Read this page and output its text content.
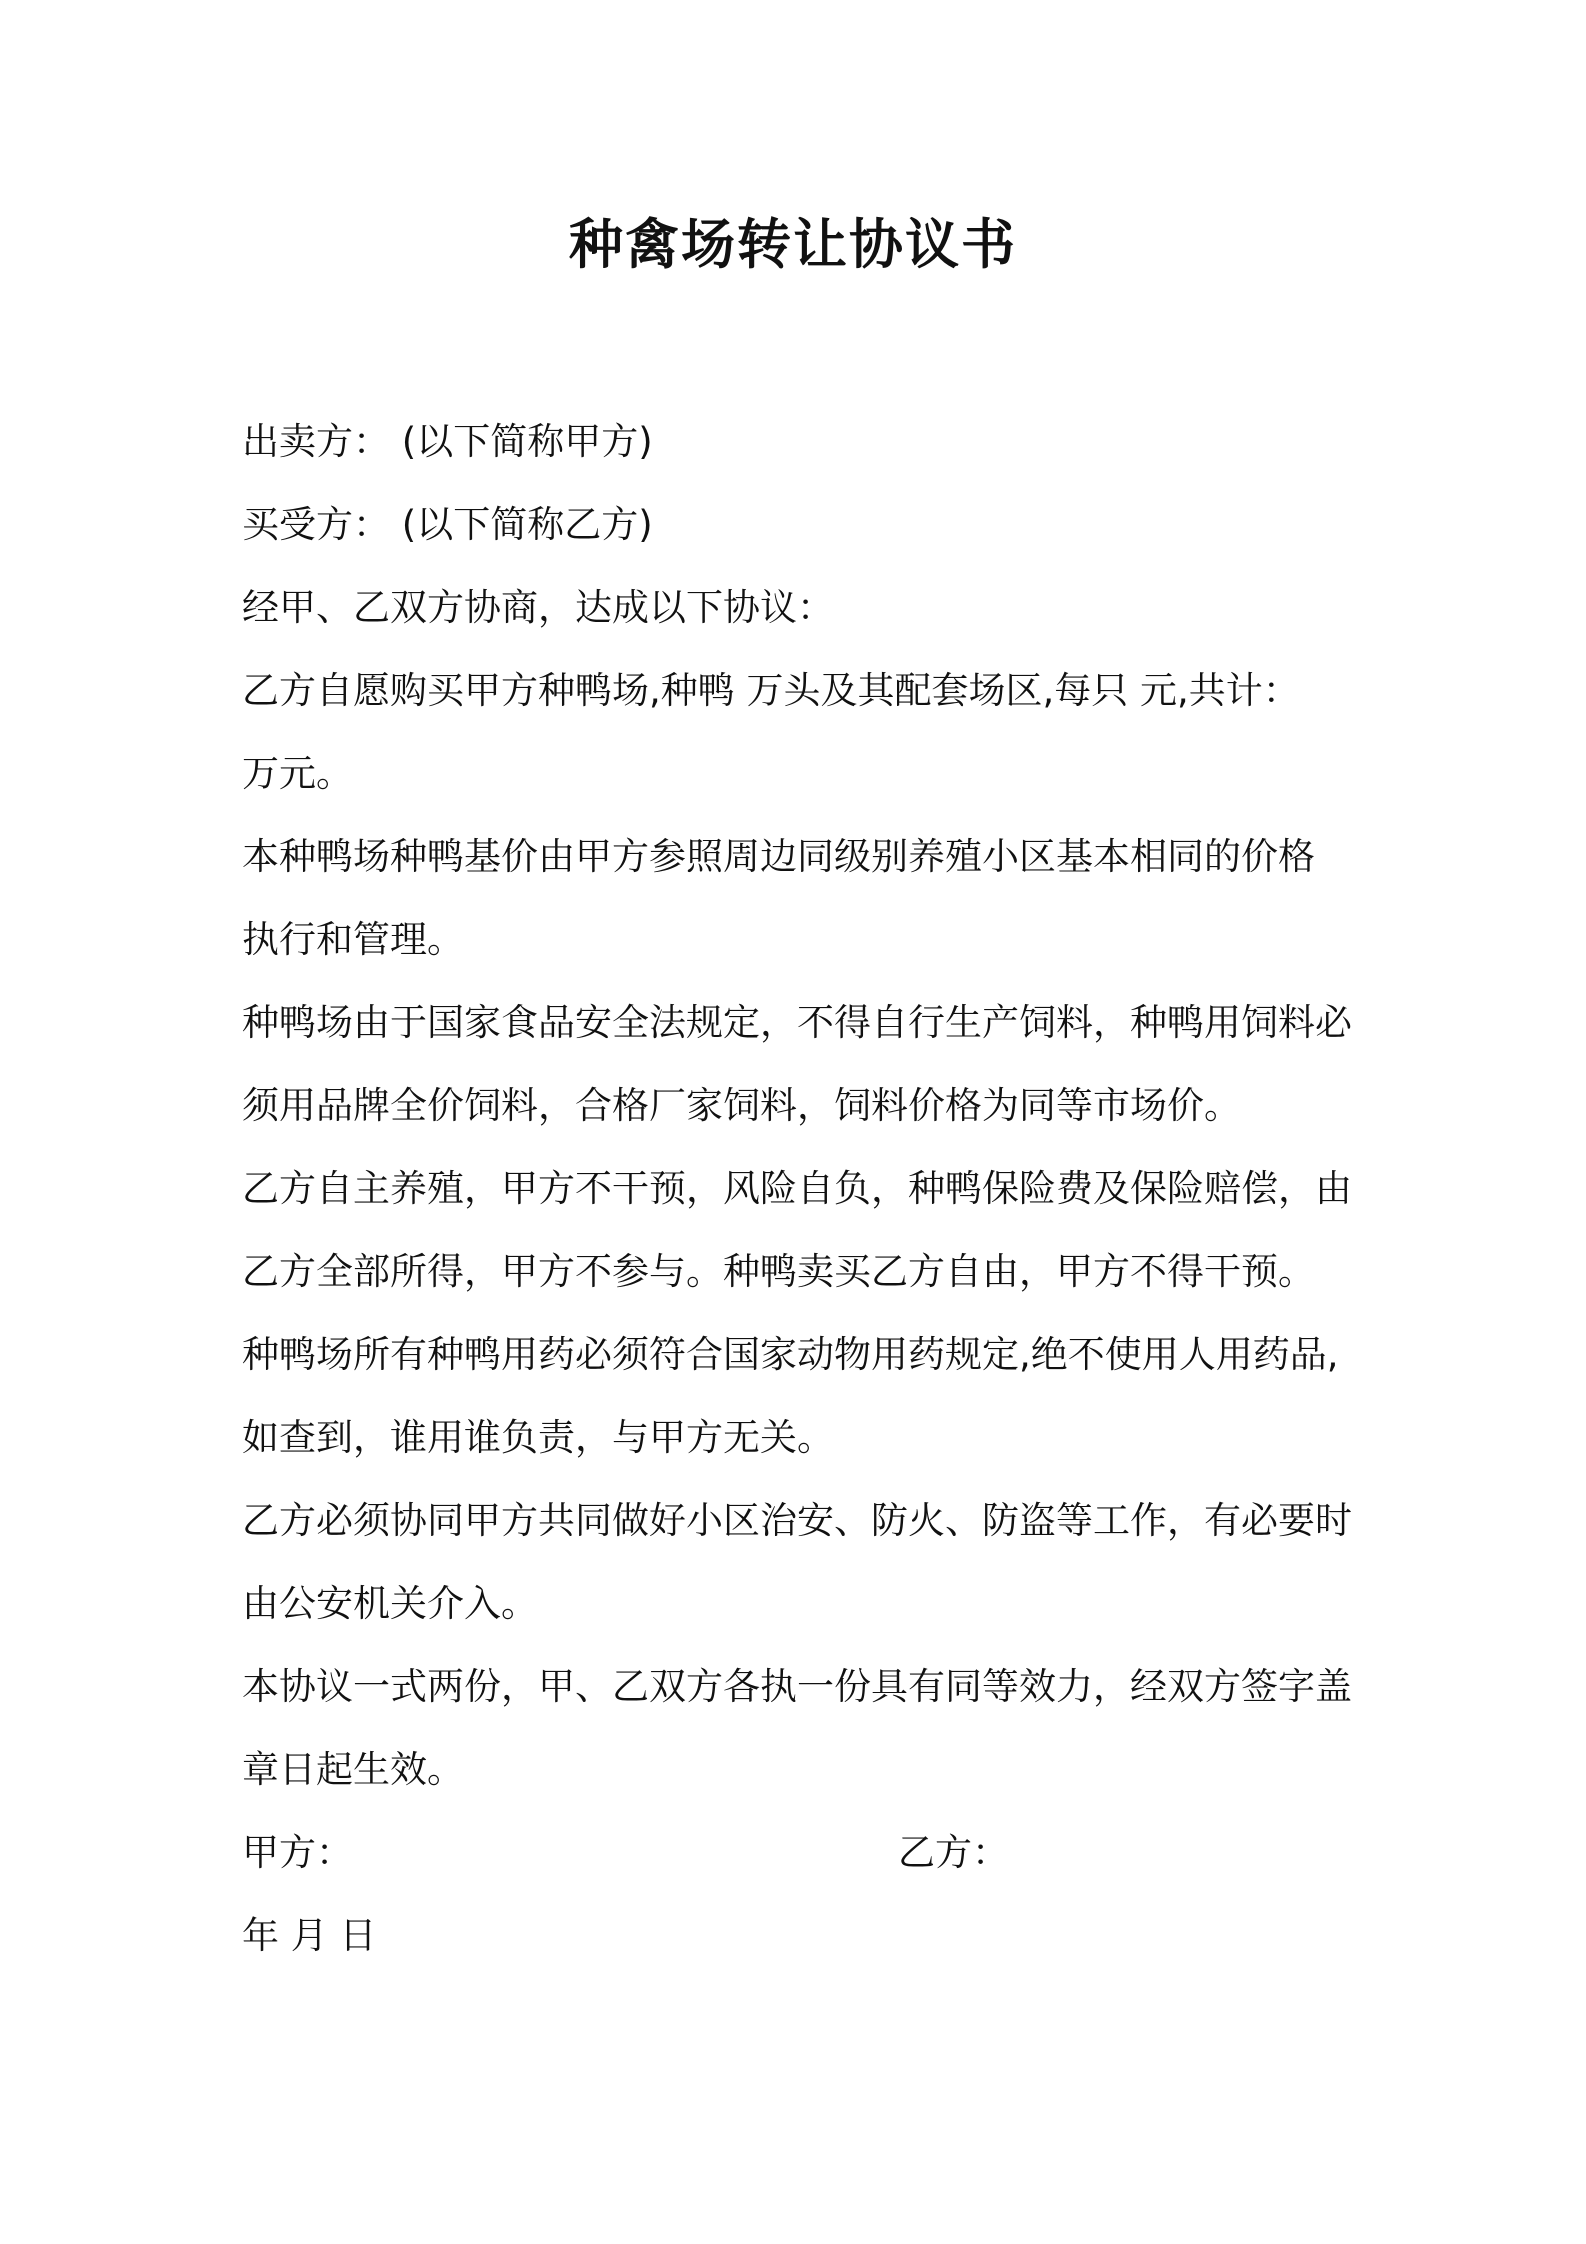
种禽场转让协议书

出卖方： (以下简称甲方)

买受方： (以下简称乙方)

经甲、乙双方协商，达成以下协议：

乙方自愿购买甲方种鸭场,种鸭 万头及其配套场区,每只 元,共计：

万元。

本种鸭场种鸭基价由甲方参照周边同级别养殖小区基本相同的价格

执行和管理。

种鸭场由于国家食品安全法规定，不得自行生产饲料，种鸭用饲料必

须用品牌全价饲料，合格厂家饲料，饲料价格为同等市场价。

乙方自主养殖，甲方不干预，风险自负，种鸭保险费及保险赔偿，由

乙方全部所得，甲方不参与。种鸭卖买乙方自由，甲方不得干预。

种鸭场所有种鸭用药必须符合国家动物用药规定,绝不使用人用药品,

如查到，谁用谁负责，与甲方无关。

乙方必须协同甲方共同做好小区治安、防火、防盗等工作，有必要时

由公安机关介入。

本协议一式两份，甲、乙双方各执一份具有同等效力，经双方签字盖

章日起生效。

甲方：	乙方：

年 月 日
